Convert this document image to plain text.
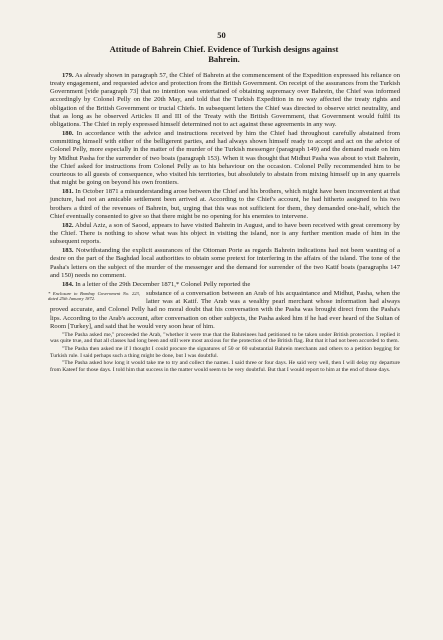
50
Attitude of Bahrein Chief. Evidence of Turkish designs against
Bahrein.

179. As already shown in paragraph 57, the Chief of Bahrein at the commencement of the Expedition expressed his reliance on treaty engagement, and requested advice and protection from the British Government. On receipt of the assurances from the Turkish Government [vide paragraph 73] that no intention was entertained of obtaining supremacy over Bahrein, the Chief was informed accordingly by Colonel Pelly on the 20th May, and told that the Turkish Expedition in no way affected the treaty rights and obligation of the British Government or trucial Chiefs. In subsequent letters the Chief was directed to observe strict neutrality, and that as long as he observed Articles II and III of the Treaty with the British Government, that Government would fulfil its obligations. The Chief in reply expressed himself determined not to act against these agreements in any way.

180. In accordance with the advice and instructions received by him the Chief had throughout carefully abstained from committing himself with either of the belligerent parties, and had always shown himself ready to accept and act on the advice of Colonel Pelly, more especially in the matter of the murder of the Turkish messenger (paragraph 149) and the demand made on him by Midhut Pasha for the surrender of two boats (paragraph 153). When it was thought that Midhut Pasha was about to visit Bahrein, the Chief asked for instructions from Colonel Pelly as to his behaviour on the occasion. Colonel Pelly recommended him to be courteous to all guests of consequence, who visited his territories, but absolutely to abstain from mixing himself up in any quarrels that might be going on beyond his own frontiers.

181. In October 1871 a misunderstanding arose between the Chief and his brothers, which might have been inconvenient at that juncture, had not an amicable settlement been arrived at. According to the Chief's account, he had hitherto assigned to his two brothers a third of the revenues of Bahrein, but, urging that this was not sufficient for them, they demanded one-half, which the Chief eventually consented to give so that there might be no opening for his enemies to intervene.

182. Abdul Aziz, a son of Saood, appears to have visited Bahrein in August, and to have been received with great ceremony by the Chief. There is nothing to show what was his object in visiting the island, nor is any further mention made of him in the subsequent reports.

183. Notwithstanding the explicit assurances of the Ottoman Porte as regards Bahrein indications had not been wanting of a desire on the part of the Baghdad local authorities to obtain some pretext for interfering in the affairs of the island. The tone of the Pasha's letters on the subject of the murder of the messenger and the demand for surrender of the two Katif boats (paragraphs 147 and 150) needs no comment.

184. In a letter of the 29th December 1871,* Colonel Pelly reported the

* Enclosure to Bombay Government No. 223, dated 25th January 1872.
substance of a conversation between an Arab of his acquaintance and Midhut, Pasha, when the latter was at Katif. The Arab was a wealthy pearl merchant whose information had always proved accurate, and Colonel Pelly had no moral doubt that his conversation with the Pasha was brought direct from the Pasha's lips. According to the Arab's account, after conversation on other subjects, the Pasha asked him if he had ever heard of the Sultan of Room [Turkey], and said that he would very soon hear of him.

"The Pasha asked me," proceeded the Arab, "whether it were true that the Bahreinees had petitioned to be taken under British protection. I replied it was quite true, and that all classes had long been and still were most anxious for the protection of the British flag. But that it had not been accorded to them.

"The Pasha then asked me if I thought I could procure the signatures of 50 or 60 substantial Bahrein merchants and others to a petition begging for Turkish rule. I said perhaps such a thing might be done, but I was doubtful.

"The Pasha asked how long it would take me to try and collect the names. I said three or four days. He said very well, then I will delay my departure from Kateef for those days. I told him that success in the matter would seem to be very doubtful. But that I would report to him at the end of those days.
